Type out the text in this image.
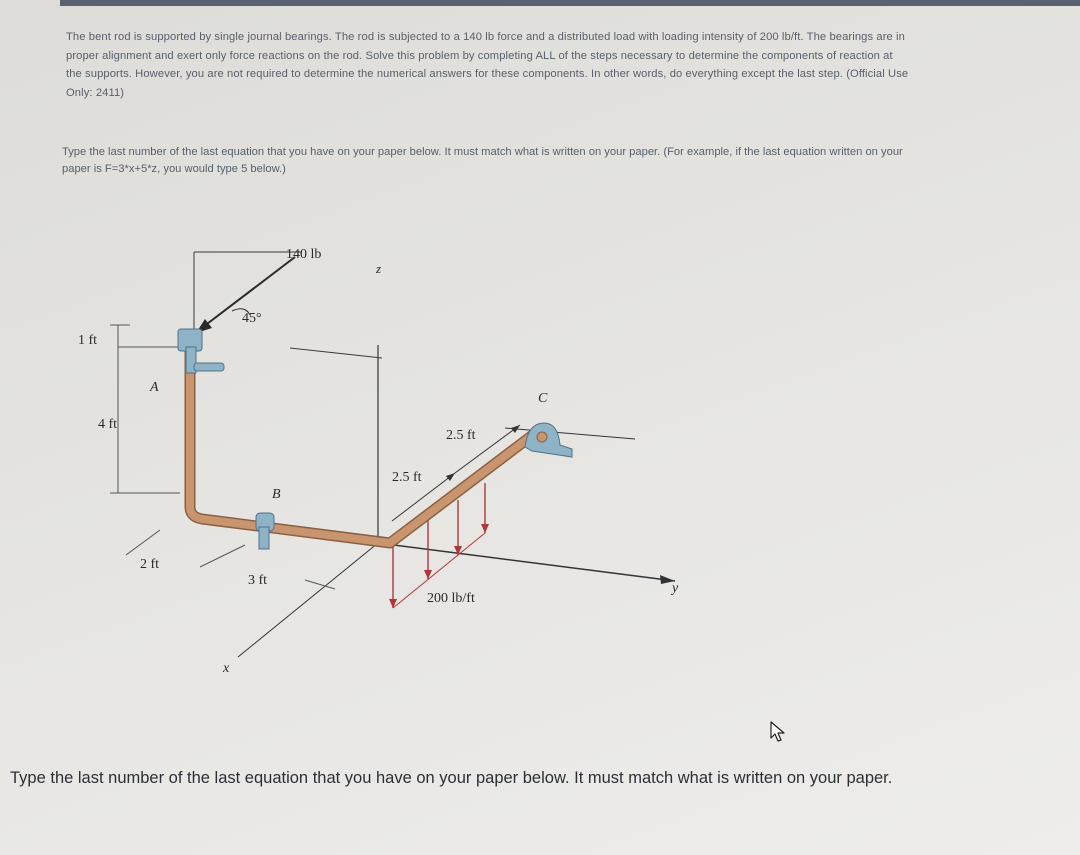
The bent rod is supported by single journal bearings. The rod is subjected to a 140 lb force and a distributed load with loading intensity of 200 lb/ft. The bearings are in proper alignment and exert only force reactions on the rod. Solve this problem by completing ALL of the steps necessary to determine the components of reaction at the supports. However, you are not required to determine the numerical answers for these components. In other words, do everything except the last step. (Official Use Only: 2411)
Type the last number of the last equation that you have on your paper below. It must match what is written on your paper. (For example, if the last equation written on your paper is F=3*x+5*z, you would type 5 below.)
140 lb
45°
z
1 ft
A
4 ft
C
2.5 ft
2.5 ft
B
2 ft
3 ft
200 lb/ft
y
x
Type the last number of the last equation that you have on your paper below. It must match what is written on your paper.
